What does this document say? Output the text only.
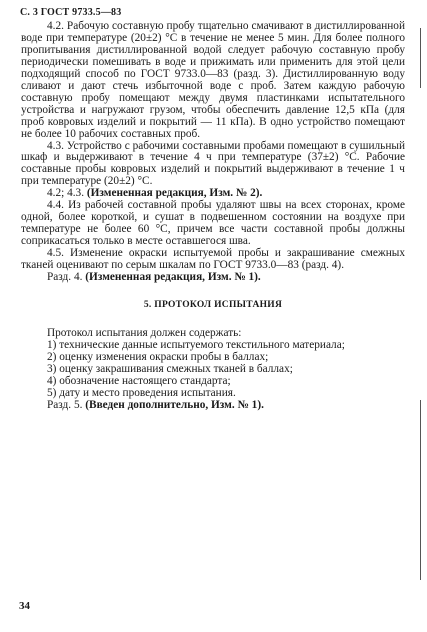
С. 3 ГОСТ 9733.5—83

4.2. Рабочую составную пробу тщательно смачивают в дистиллированной воде при температуре (20±2) °С в течение не менее 5 мин. Для более полного пропитывания дистиллированной водой следует рабочую составную пробу периодически помешивать в воде и прижимать или применить для этой цели подходящий способ по ГОСТ 9733.0—83 (разд. 3). Дистиллированную воду сливают и дают стечь избыточной воде с проб. Затем каждую рабочую составную пробу помещают между двумя пластинками испытательного устройства и нагружают грузом, чтобы обеспечить давление 12,5 кПа (для проб ковровых изделий и покрытий — 11 кПа). В одно устройство помещают не более 10 рабочих составных проб.

4.3. Устройство с рабочими составными пробами помещают в сушильный шкаф и выдерживают в течение 4 ч при температуре (37±2) °С. Рабочие составные пробы ковровых изделий и покрытий выдерживают в течение 1 ч при температуре (20±2) °С.

4.2; 4.3. (Измененная редакция, Изм. № 2).

4.4. Из рабочей составной пробы удаляют швы на всех сторонах, кроме одной, более короткой, и сушат в подвешенном состоянии на воздухе при температуре не более 60 °С, причем все части составной пробы должны соприкасаться только в месте оставшегося шва.

4.5. Изменение окраски испытуемой пробы и закрашивание смежных тканей оценивают по серым шкалам по ГОСТ 9733.0—83 (разд. 4).

Разд. 4. (Измененная редакция, Изм. № 1).

5. ПРОТОКОЛ ИСПЫТАНИЯ

Протокол испытания должен содержать:

1) технические данные испытуемого текстильного материала;

2) оценку изменения окраски пробы в баллах;

3) оценку закрашивания смежных тканей в баллах;

4) обозначение настоящего стандарта;

5) дату и место проведения испытания.

Разд. 5. (Введен дополнительно, Изм. № 1).

34
